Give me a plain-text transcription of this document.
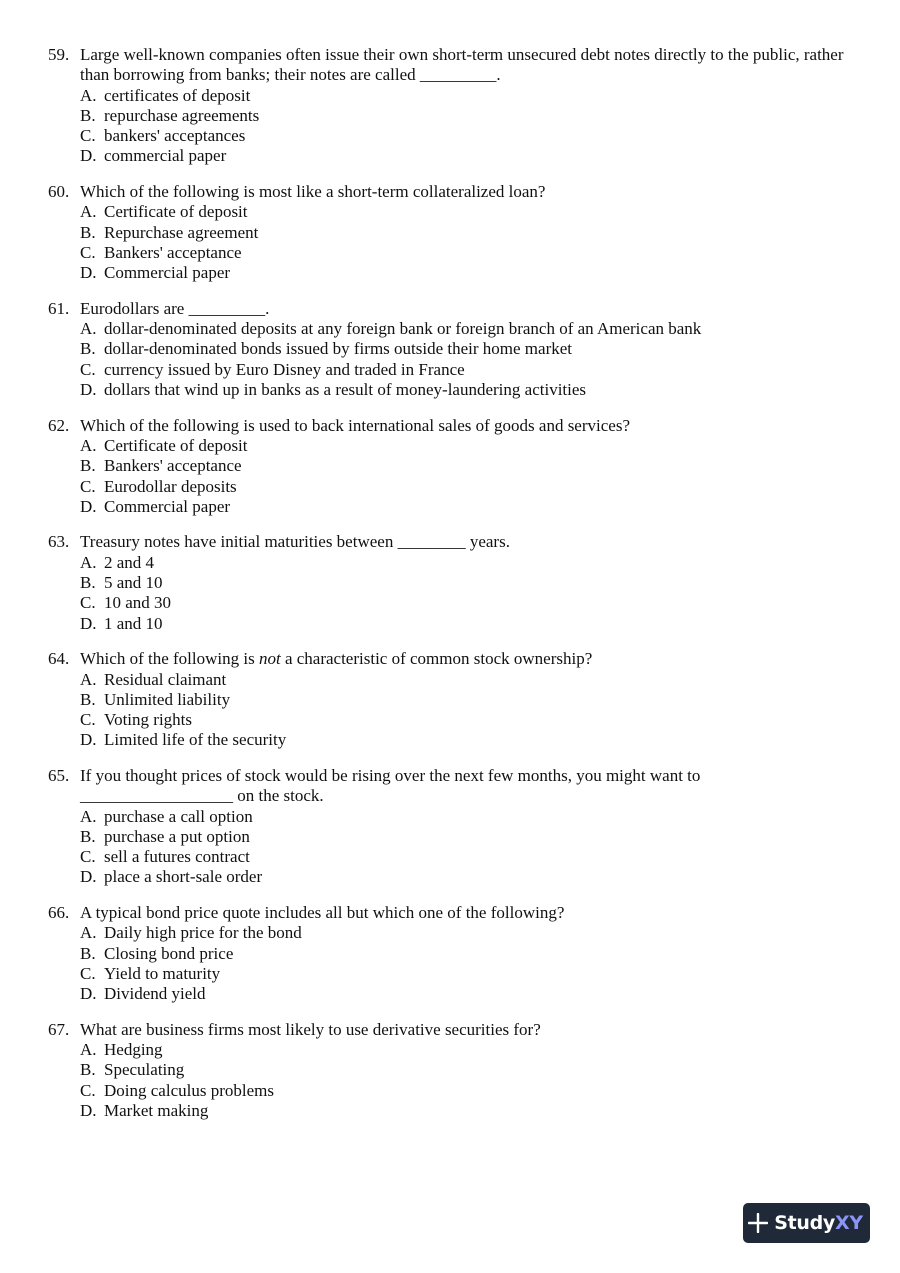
59. Large well-known companies often issue their own short-term unsecured debt notes directly to the public, rather than borrowing from banks; their notes are called _________.
A. certificates of deposit
B. repurchase agreements
C. bankers' acceptances
D. commercial paper
60. Which of the following is most like a short-term collateralized loan?
A. Certificate of deposit
B. Repurchase agreement
C. Bankers' acceptance
D. Commercial paper
61. Eurodollars are _________.
A. dollar-denominated deposits at any foreign bank or foreign branch of an American bank
B. dollar-denominated bonds issued by firms outside their home market
C. currency issued by Euro Disney and traded in France
D. dollars that wind up in banks as a result of money-laundering activities
62. Which of the following is used to back international sales of goods and services?
A. Certificate of deposit
B. Bankers' acceptance
C. Eurodollar deposits
D. Commercial paper
63. Treasury notes have initial maturities between ________ years.
A. 2 and 4
B. 5 and 10
C. 10 and 30
D. 1 and 10
64. Which of the following is not a characteristic of common stock ownership?
A. Residual claimant
B. Unlimited liability
C. Voting rights
D. Limited life of the security
65. If you thought prices of stock would be rising over the next few months, you might want to
__________________ on the stock.
A. purchase a call option
B. purchase a put option
C. sell a futures contract
D. place a short-sale order
66. A typical bond price quote includes all but which one of the following?
A. Daily high price for the bond
B. Closing bond price
C. Yield to maturity
D. Dividend yield
67. What are business firms most likely to use derivative securities for?
A. Hedging
B. Speculating
C. Doing calculus problems
D. Market making
StudyXY
